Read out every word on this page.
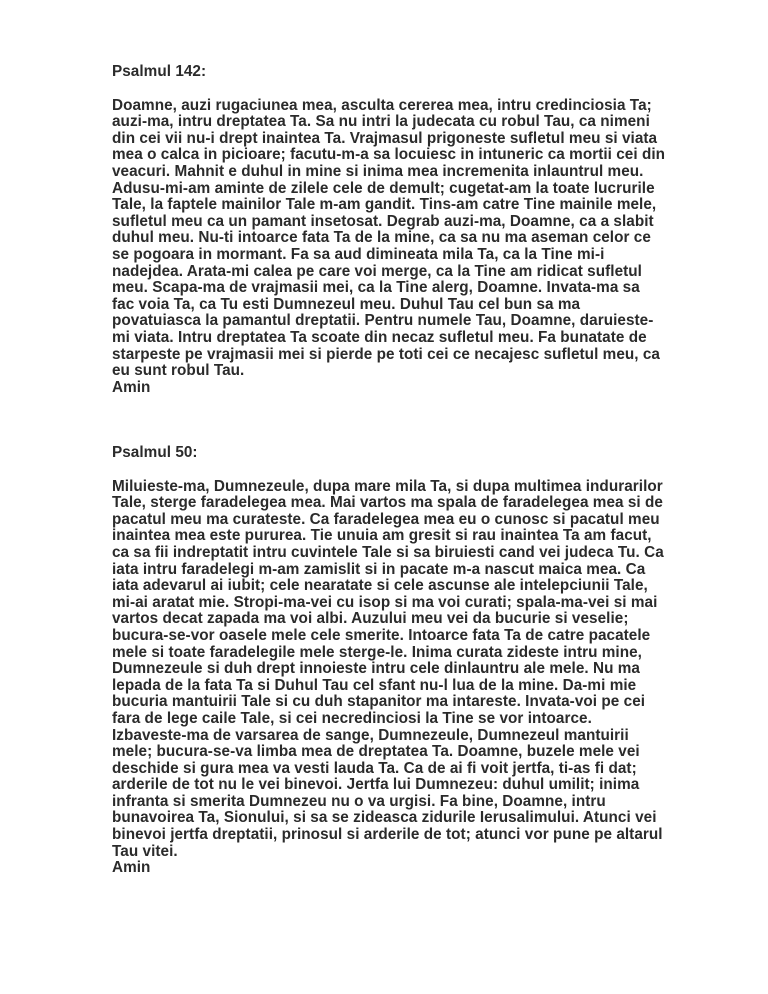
Psalmul 142:
Doamne, auzi rugaciunea mea, asculta cererea mea, intru credinciosia Ta;
auzi-ma, intru dreptatea Ta. Sa nu intri la judecata cu robul Tau, ca nimeni
din cei vii nu-i drept inaintea Ta. Vrajmasul prigoneste sufletul meu si viata
mea o calca in picioare; facutu-m-a sa locuiesc in intuneric ca mortii cei din
veacuri. Mahnit e duhul in mine si inima mea incremenita inlauntrul meu.
Adusu-mi-am aminte de zilele cele de demult; cugetat-am la toate lucrurile
Tale, la faptele mainilor Tale m-am gandit. Tins-am catre Tine mainile mele,
sufletul meu ca un pamant insetosat. Degrab auzi-ma, Doamne, ca a slabit
duhul meu. Nu-ti intoarce fata Ta de la mine, ca sa nu ma aseman celor ce
se pogoara in mormant. Fa sa aud dimineata mila Ta, ca la Tine mi-i
nadejdea. Arata-mi calea pe care voi merge, ca la Tine am ridicat sufletul
meu. Scapa-ma de vrajmasii mei, ca la Tine alerg, Doamne. Invata-ma sa
fac voia Ta, ca Tu esti Dumnezeul meu. Duhul Tau cel bun sa ma
povatuiasca la pamantul dreptatii. Pentru numele Tau, Doamne, daruieste-
mi viata. Intru dreptatea Ta scoate din necaz sufletul meu. Fa bunatate de
starpeste pe vrajmasii mei si pierde pe toti cei ce necajesc sufletul meu, ca
eu sunt robul Tau.
Amin
Psalmul 50:
Miluieste-ma, Dumnezeule, dupa mare mila Ta, si dupa multimea indurarilor
Tale, sterge faradelegea mea. Mai vartos ma spala de faradelegea mea si de
pacatul meu ma curateste. Ca faradelegea mea eu o cunosc si pacatul meu
inaintea mea este pururea. Tie unuia am gresit si rau inaintea Ta am facut,
ca sa fii indreptatit intru cuvintele Tale si sa biruiesti cand vei judeca Tu. Ca
iata intru faradelegi m-am zamislit si in pacate m-a nascut maica mea. Ca
iata adevarul ai iubit; cele nearatate si cele ascunse ale intelepciunii Tale,
mi-ai aratat mie. Stropi-ma-vei cu isop si ma voi curati; spala-ma-vei si mai
vartos decat zapada ma voi albi. Auzului meu vei da bucurie si veselie;
bucura-se-vor oasele mele cele smerite. Intoarce fata Ta de catre pacatele
mele si toate faradelegile mele sterge-le. Inima curata zideste intru mine,
Dumnezeule si duh drept innoieste intru cele dinlauntru ale mele. Nu ma
lepada de la fata Ta si Duhul Tau cel sfant nu-l lua de la mine. Da-mi mie
bucuria mantuirii Tale si cu duh stapanitor ma intareste. Invata-voi pe cei
fara de lege caile Tale, si cei necredinciosi la Tine se vor intoarce.
Izbaveste-ma de varsarea de sange, Dumnezeule, Dumnezeul mantuirii
mele; bucura-se-va limba mea de dreptatea Ta. Doamne, buzele mele vei
deschide si gura mea va vesti lauda Ta. Ca de ai fi voit jertfa, ti-as fi dat;
arderile de tot nu le vei binevoi. Jertfa lui Dumnezeu: duhul umilit; inima
infranta si smerita Dumnezeu nu o va urgisi. Fa bine, Doamne, intru
bunavoirea Ta, Sionului, si sa se zideasca zidurile Ierusalimului. Atunci vei
binevoi jertfa dreptatii, prinosul si arderile de tot; atunci vor pune pe altarul
Tau vitei.
Amin
